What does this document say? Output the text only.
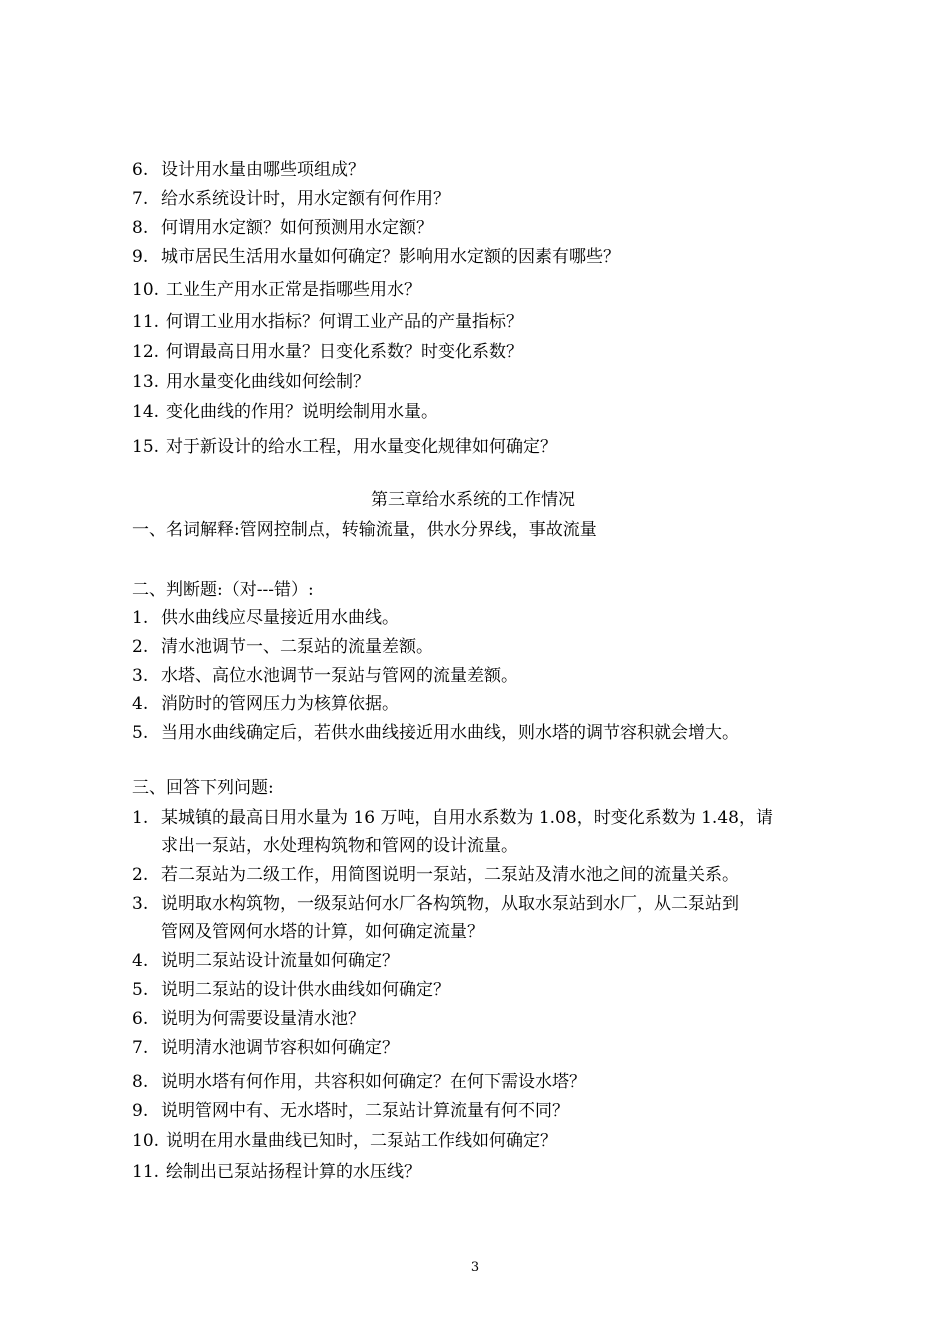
6. 设计用水量由哪些项组成？
7. 给水系统设计时，用水定额有何作用？
8. 何谓用水定额？如何预测用水定额？
9. 城市居民生活用水量如何确定？影响用水定额的因素有哪些？
10. 工业生产用水正常是指哪些用水？
11. 何谓工业用水指标？何谓工业产品的产量指标？
12. 何谓最高日用水量？日变化系数？时变化系数？
13. 用水量变化曲线如何绘制？
14. 变化曲线的作用？说明绘制用水量。
15. 对于新设计的给水工程，用水量变化规律如何确定？
第三章给水系统的工作情况
一、名词解释:管网控制点，转输流量，供水分界线，事故流量
二、判断题:（对---错）:
1. 供水曲线应尽量接近用水曲线。
2. 清水池调节一、二泵站的流量差额。
3. 水塔、高位水池调节一泵站与管网的流量差额。
4. 消防时的管网压力为核算依据。
5. 当用水曲线确定后，若供水曲线接近用水曲线，则水塔的调节容积就会增大。
三、回答下列问题:
1. 某城镇的最高日用水量为 16 万吨，自用水系数为 1.08，时变化系数为 1.48，请
求出一泵站，水处理构筑物和管网的设计流量。
2. 若二泵站为二级工作，用简图说明一泵站，二泵站及清水池之间的流量关系。
3. 说明取水构筑物，一级泵站何水厂各构筑物，从取水泵站到水厂，从二泵站到
管网及管网何水塔的计算，如何确定流量？
4. 说明二泵站设计流量如何确定？
5. 说明二泵站的设计供水曲线如何确定？
6. 说明为何需要设量清水池？
7. 说明清水池调节容积如何确定？
8. 说明水塔有何作用，共容积如何确定？在何下需设水塔？
9. 说明管网中有、无水塔时，二泵站计算流量有何不同？
10. 说明在用水量曲线已知时，二泵站工作线如何确定？
11. 绘制出已泵站扬程计算的水压线？
3
